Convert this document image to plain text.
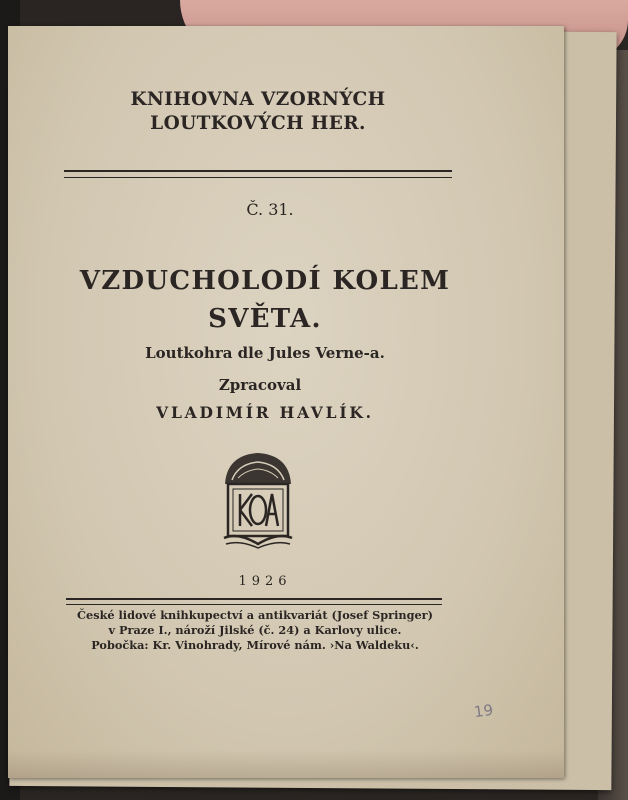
KNIHOVNA VZORNÝCH LOUTKOVÝCH HER.
Č. 31.
VZDUCHOLODÍ KOLEM SVĚTA.
Loutkohra dle Jules Verne-a.
Zpracoval
VLADIMÍR HAVLÍK.
1926
České lidové knihkupectví a antikvariát (Josef Springer)
v Praze I., nároží Jilské (č. 24) a Karlovy ulice.
Pobočka: Kr. Vinohrady, Mírové nám. ›Na Waldeku‹.
19
